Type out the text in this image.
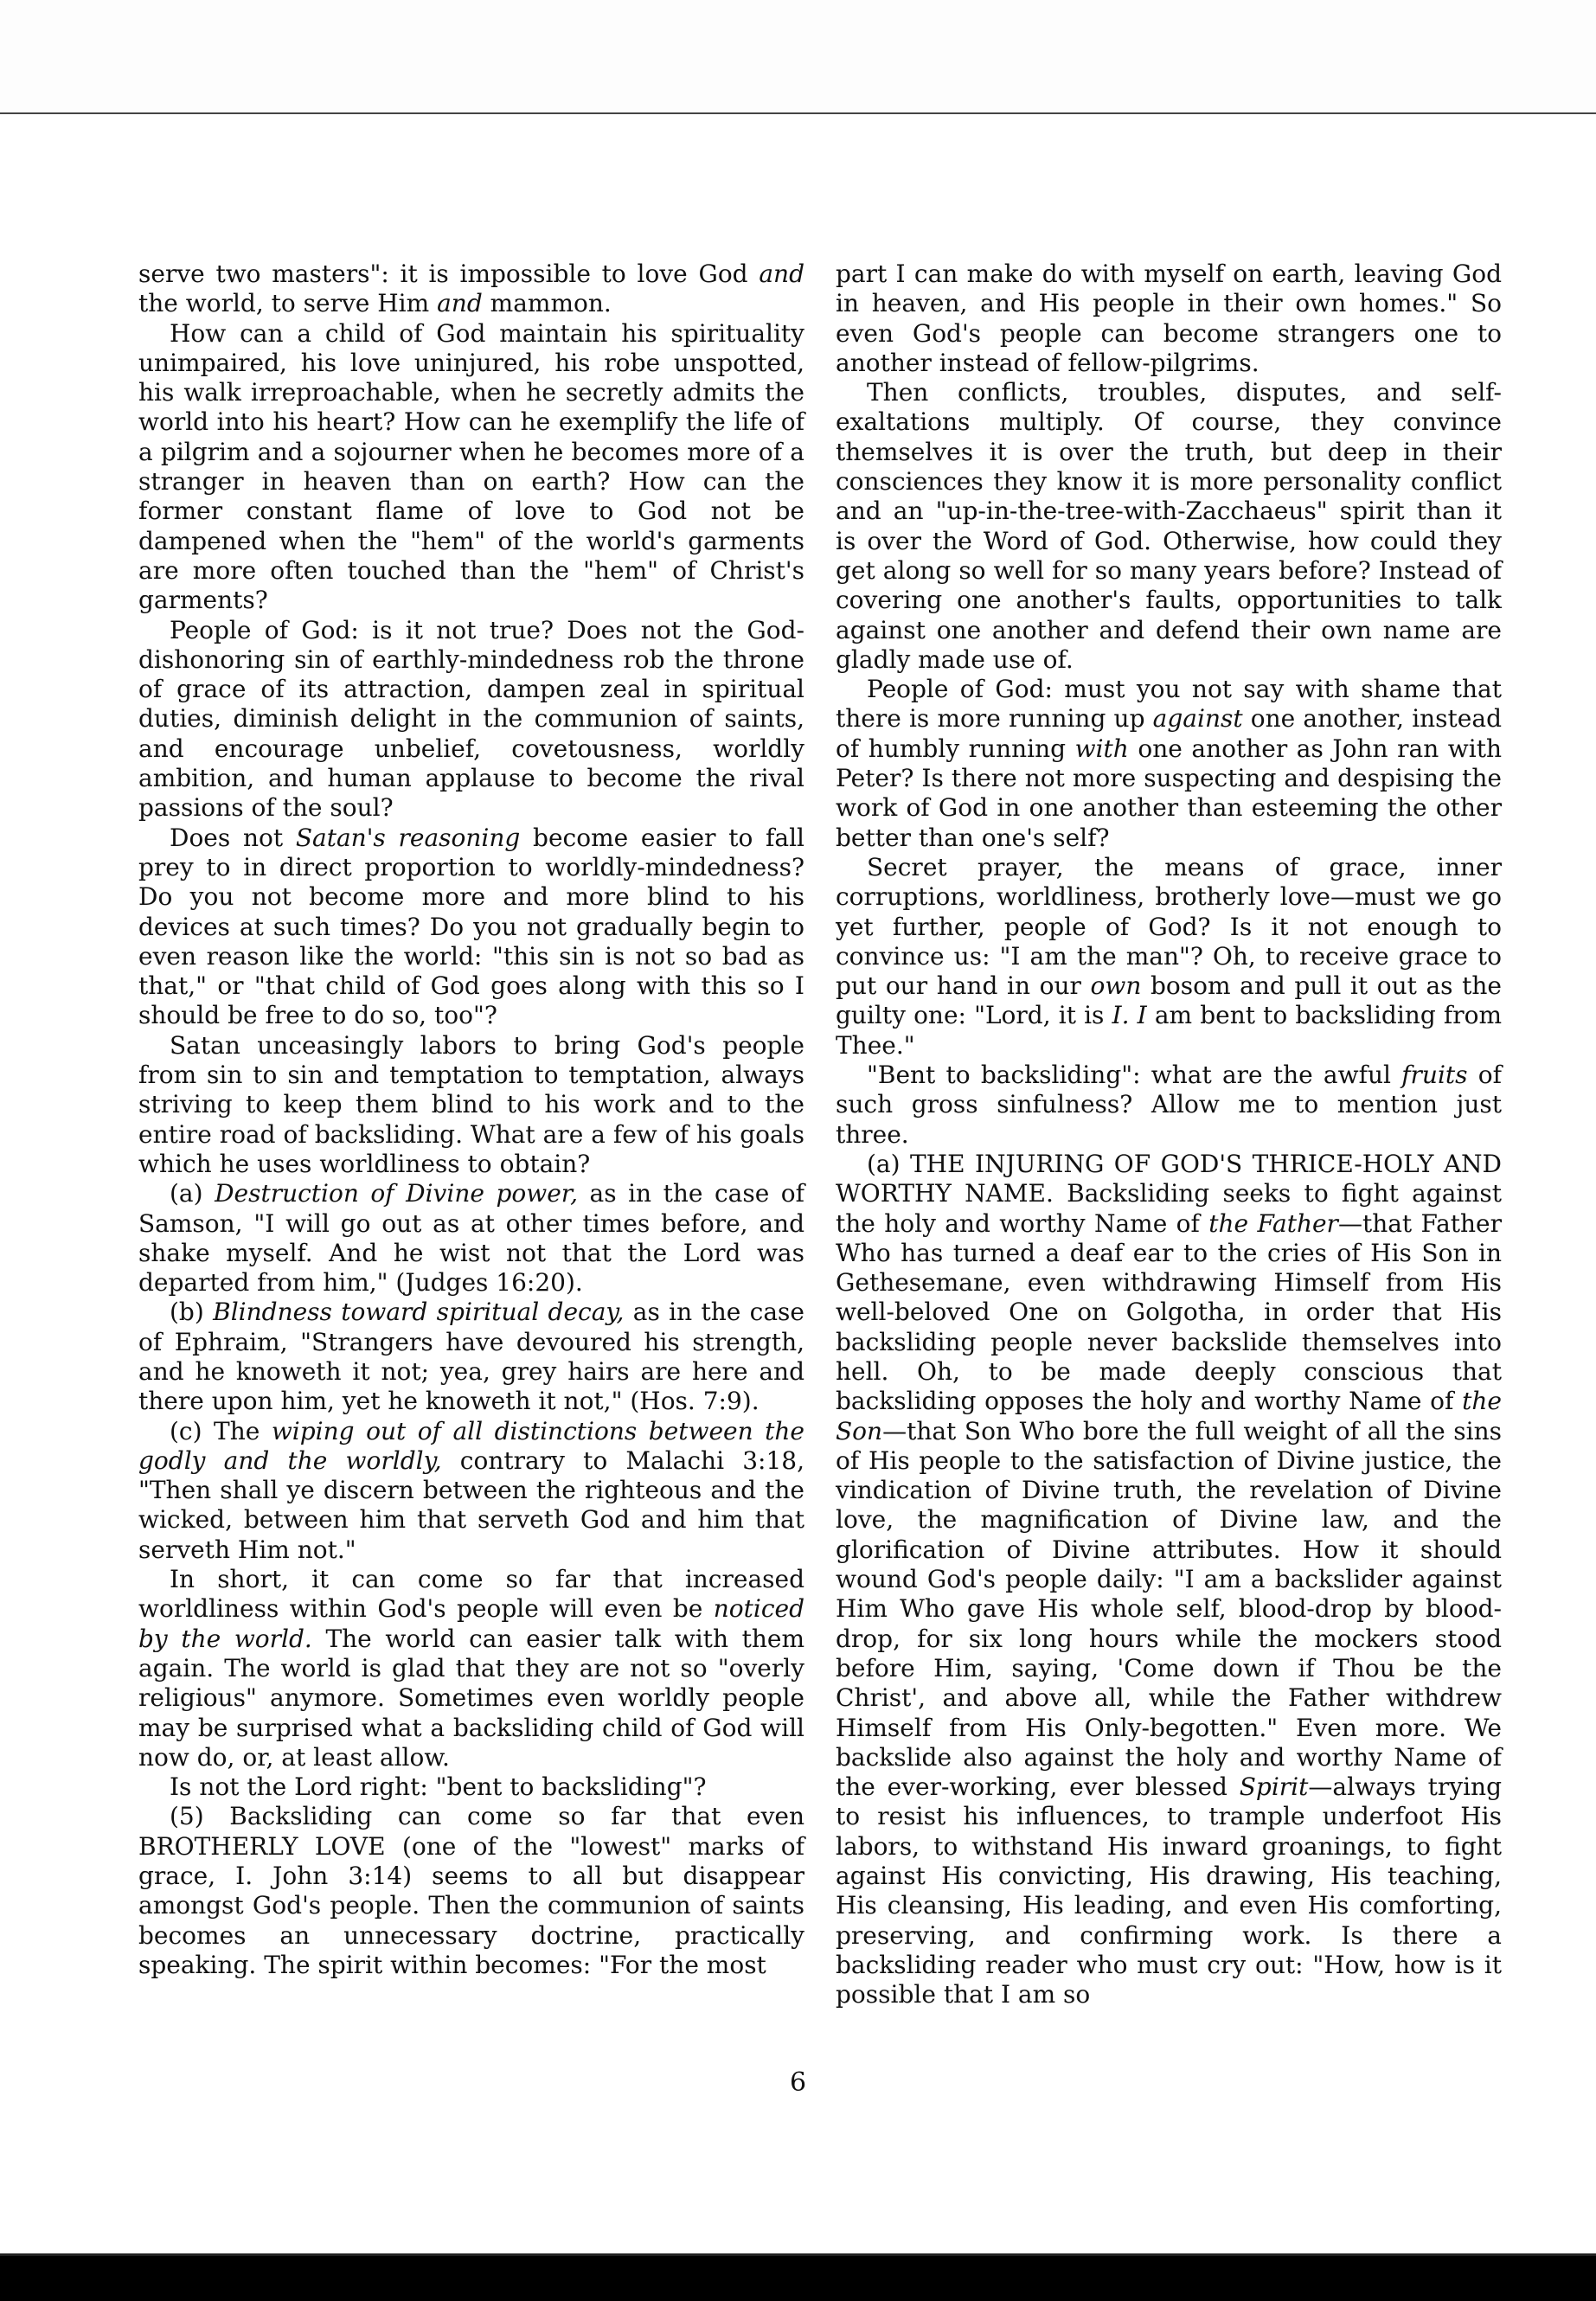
serve two masters": it is impossible to love God and the world, to serve Him and mammon.

How can a child of God maintain his spirituality unimpaired, his love uninjured, his robe unspotted, his walk irreproachable, when he secretly admits the world into his heart? How can he exemplify the life of a pilgrim and a sojourner when he becomes more of a stranger in heaven than on earth? How can the former constant flame of love to God not be dampened when the "hem" of the world's garments are more often touched than the "hem" of Christ's garments?

People of God: is it not true? Does not the God-dishonoring sin of earthly-mindedness rob the throne of grace of its attraction, dampen zeal in spiritual duties, diminish delight in the communion of saints, and encourage unbelief, covetousness, worldly ambition, and human applause to become the rival passions of the soul?

Does not Satan's reasoning become easier to fall prey to in direct proportion to worldly-mindedness? Do you not become more and more blind to his devices at such times? Do you not gradually begin to even reason like the world: "this sin is not so bad as that," or "that child of God goes along with this so I should be free to do so, too"?

Satan unceasingly labors to bring God's people from sin to sin and temptation to temptation, always striving to keep them blind to his work and to the entire road of backsliding. What are a few of his goals which he uses worldliness to obtain?

(a) Destruction of Divine power, as in the case of Samson, "I will go out as at other times before, and shake myself. And he wist not that the Lord was departed from him," (Judges 16:20).

(b) Blindness toward spiritual decay, as in the case of Ephraim, "Strangers have devoured his strength, and he knoweth it not; yea, grey hairs are here and there upon him, yet he knoweth it not," (Hos. 7:9).

(c) The wiping out of all distinctions between the godly and the worldly, contrary to Malachi 3:18, "Then shall ye discern between the righteous and the wicked, between him that serveth God and him that serveth Him not."

In short, it can come so far that increased worldliness within God's people will even be noticed by the world. The world can easier talk with them again. The world is glad that they are not so "overly religious" anymore. Sometimes even worldly people may be surprised what a backsliding child of God will now do, or, at least allow.

Is not the Lord right: "bent to backsliding"?

(5) Backsliding can come so far that even BROTHERLY LOVE (one of the "lowest" marks of grace, I. John 3:14) seems to all but disappear amongst God's people. Then the communion of saints becomes an unnecessary doctrine, practically speaking. The spirit within becomes: "For the most

part I can make do with myself on earth, leaving God in heaven, and His people in their own homes." So even God's people can become strangers one to another instead of fellow-pilgrims.

Then conflicts, troubles, disputes, and self-exaltations multiply. Of course, they convince themselves it is over the truth, but deep in their consciences they know it is more personality conflict and an "up-in-the-tree-with-Zacchaeus" spirit than it is over the Word of God. Otherwise, how could they get along so well for so many years before? Instead of covering one another's faults, opportunities to talk against one another and defend their own name are gladly made use of.

People of God: must you not say with shame that there is more running up against one another, instead of humbly running with one another as John ran with Peter? Is there not more suspecting and despising the work of God in one another than esteeming the other better than one's self?

Secret prayer, the means of grace, inner corruptions, worldliness, brotherly love—must we go yet further, people of God? Is it not enough to convince us: "I am the man"? Oh, to receive grace to put our hand in our own bosom and pull it out as the guilty one: "Lord, it is I. I am bent to backsliding from Thee."

"Bent to backsliding": what are the awful fruits of such gross sinfulness? Allow me to mention just three.

(a) THE INJURING OF GOD'S THRICE-HOLY AND WORTHY NAME. Backsliding seeks to fight against the holy and worthy Name of the Father—that Father Who has turned a deaf ear to the cries of His Son in Gethesemane, even withdrawing Himself from His well-beloved One on Golgotha, in order that His backsliding people never backslide themselves into hell. Oh, to be made deeply conscious that backsliding opposes the holy and worthy Name of the Son—that Son Who bore the full weight of all the sins of His people to the satisfaction of Divine justice, the vindication of Divine truth, the revelation of Divine love, the magnification of Divine law, and the glorification of Divine attributes. How it should wound God's people daily: "I am a backslider against Him Who gave His whole self, blood-drop by blood-drop, for six long hours while the mockers stood before Him, saying, 'Come down if Thou be the Christ', and above all, while the Father withdrew Himself from His Only-begotten." Even more. We backslide also against the holy and worthy Name of the ever-working, ever blessed Spirit—always trying to resist his influences, to trample underfoot His labors, to withstand His inward groanings, to fight against His convicting, His drawing, His teaching, His cleansing, His leading, and even His comforting, preserving, and confirming work. Is there a backsliding reader who must cry out: "How, how is it possible that I am so

6
